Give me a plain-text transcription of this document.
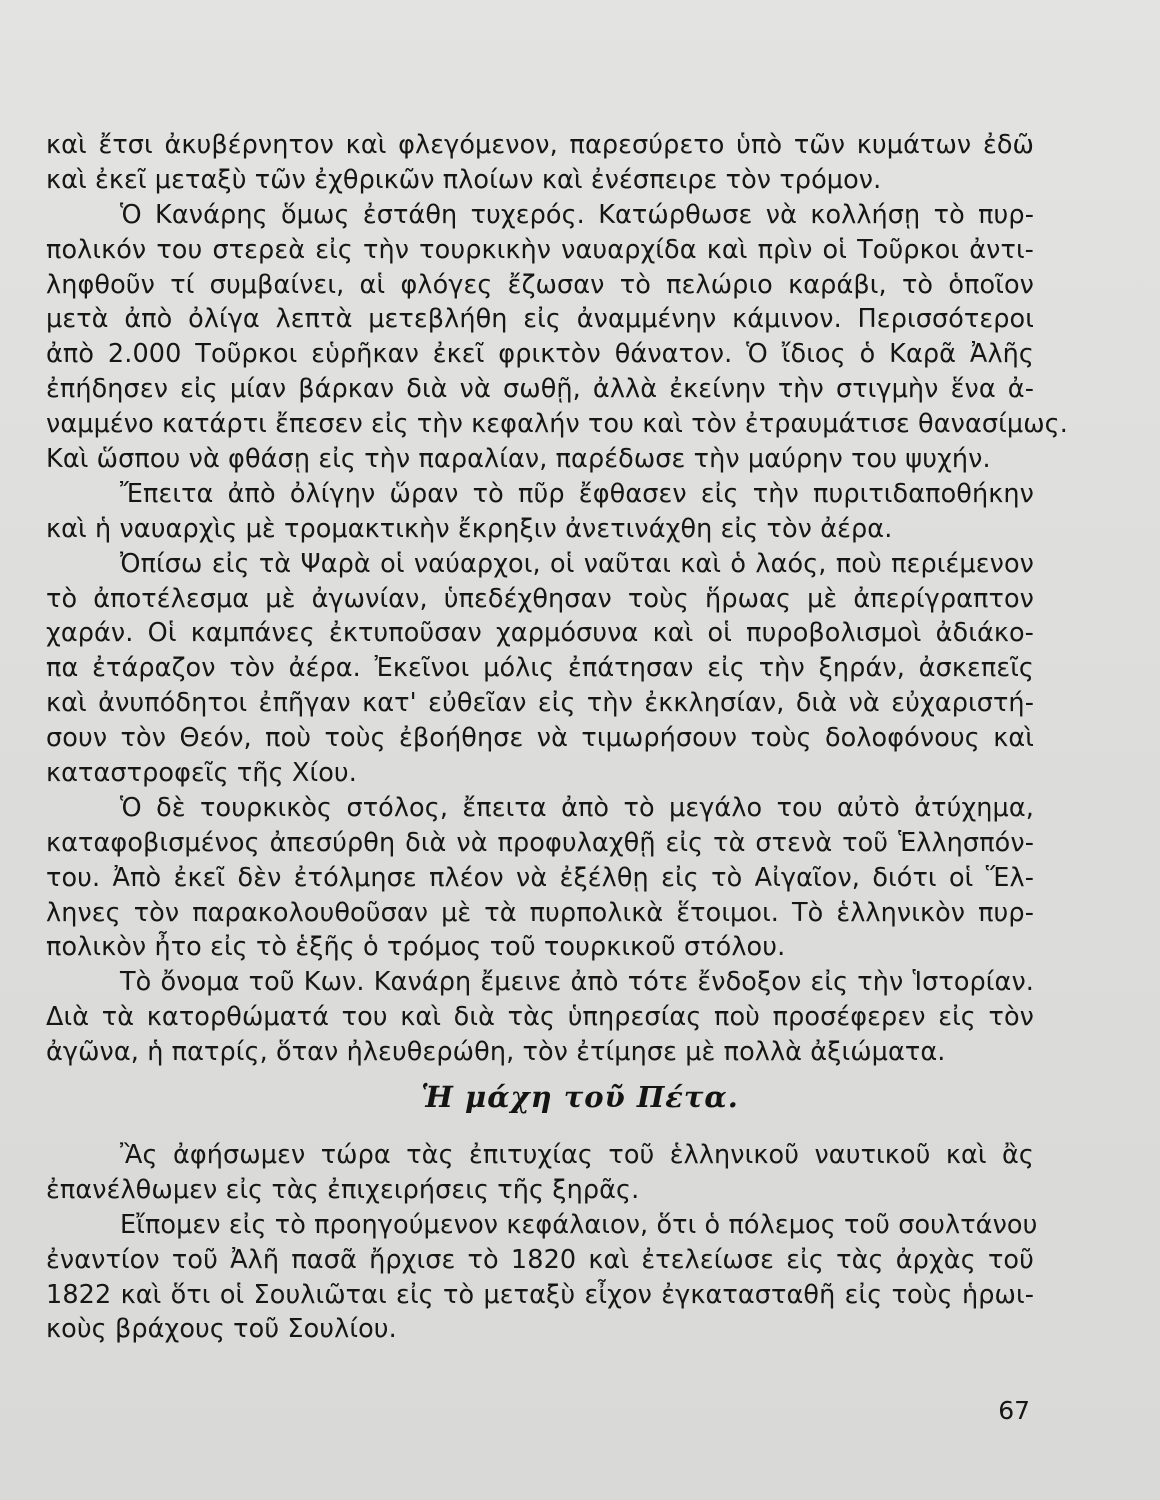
καὶ ἔτσι ἀκυβέρνητον καὶ φλεγόμενον, παρεσύρετο ὑπὸ τῶν κυμάτων ἐδῶ
καὶ ἐκεῖ μεταξὺ τῶν ἐχθρικῶν πλοίων καὶ ἐνέσπειρε τὸν τρόμον.
Ὁ Κανάρης ὅμως ἐστάθη τυχερός. Κατώρθωσε νὰ κολλήσῃ τὸ πυρ-
πολικόν του στερεὰ εἰς τὴν τουρκικὴν ναυαρχίδα καὶ πρὶν οἱ Τοῦρκοι ἀντι-
ληφθοῦν τί συμβαίνει, αἱ φλόγες ἔζωσαν τὸ πελώριο καράβι, τὸ ὁποῖον
μετὰ ἀπὸ ὀλίγα λεπτὰ μετεβλήθη εἰς ἀναμμένην κάμινον. Περισσότεροι
ἀπὸ 2.000 Τοῦρκοι εὑρῆκαν ἐκεῖ φρικτὸν θάνατον. Ὁ ἴδιος ὁ Καρᾶ Ἀλῆς
ἐπήδησεν εἰς μίαν βάρκαν διὰ νὰ σωθῇ, ἀλλὰ ἐκείνην τὴν στιγμὴν ἕνα ἀ-
ναμμένο κατάρτι ἔπεσεν εἰς τὴν κεφαλήν του καὶ τὸν ἐτραυμάτισε θανασίμως.
Καὶ ὥσπου νὰ φθάσῃ εἰς τὴν παραλίαν, παρέδωσε τὴν μαύρην του ψυχήν.
Ἔπειτα ἀπὸ ὀλίγην ὥραν τὸ πῦρ ἔφθασεν εἰς τὴν πυριτιδαποθήκην
καὶ ἡ ναυαρχὶς μὲ τρομακτικὴν ἔκρηξιν ἀνετινάχθη εἰς τὸν ἀέρα.
Ὀπίσω εἰς τὰ Ψαρὰ οἱ ναύαρχοι, οἱ ναῦται καὶ ὁ λαός, ποὺ περιέμενον
τὸ ἀποτέλεσμα μὲ ἀγωνίαν, ὑπεδέχθησαν τοὺς ἥρωας μὲ ἀπερίγραπτον
χαράν. Οἱ καμπάνες ἐκτυποῦσαν χαρμόσυνα καὶ οἱ πυροβολισμοὶ ἀδιάκο-
πα ἐτάραζον τὸν ἀέρα. Ἐκεῖνοι μόλις ἐπάτησαν εἰς τὴν ξηράν, ἀσκεπεῖς
καὶ ἀνυπόδητοι ἐπῆγαν κατ' εὐθεῖαν εἰς τὴν ἐκκλησίαν, διὰ νὰ εὐχαριστή-
σουν τὸν Θεόν, ποὺ τοὺς ἐβοήθησε νὰ τιμωρήσουν τοὺς δολοφόνους καὶ
καταστροφεῖς τῆς Χίου.
Ὁ δὲ τουρκικὸς στόλος, ἔπειτα ἀπὸ τὸ μεγάλο του αὐτὸ ἀτύχημα,
καταφοβισμένος ἀπεσύρθη διὰ νὰ προφυλαχθῇ εἰς τὰ στενὰ τοῦ Ἑλλησπόν-
του. Ἀπὸ ἐκεῖ δὲν ἐτόλμησε πλέον νὰ ἐξέλθῃ εἰς τὸ Αἰγαῖον, διότι οἱ Ἕλ-
ληνες τὸν παρακολουθοῦσαν μὲ τὰ πυρπολικὰ ἕτοιμοι. Τὸ ἑλληνικὸν πυρ-
πολικὸν ἦτο εἰς τὸ ἑξῆς ὁ τρόμος τοῦ τουρκικοῦ στόλου.
Τὸ ὄνομα τοῦ Κων. Κανάρη ἔμεινε ἀπὸ τότε ἔνδοξον εἰς τὴν Ἱστορίαν.
Διὰ τὰ κατορθώματά του καὶ διὰ τὰς ὑπηρεσίας ποὺ προσέφερεν εἰς τὸν
ἀγῶνα, ἡ πατρίς, ὅταν ἠλευθερώθη, τὸν ἐτίμησε μὲ πολλὰ ἀξιώματα.
Ἡ μάχη τοῦ Πέτα.
Ἂς ἀφήσωμεν τώρα τὰς ἐπιτυχίας τοῦ ἑλληνικοῦ ναυτικοῦ καὶ ἂς
ἐπανέλθωμεν εἰς τὰς ἐπιχειρήσεις τῆς ξηρᾶς.
Εἴπομεν εἰς τὸ προηγούμενον κεφάλαιον, ὅτι ὁ πόλεμος τοῦ σουλτάνου
ἐναντίον τοῦ Ἀλῆ πασᾶ ἤρχισε τὸ 1820 καὶ ἐτελείωσε εἰς τὰς ἀρχὰς τοῦ
1822 καὶ ὅτι οἱ Σουλιῶται εἰς τὸ μεταξὺ εἶχον ἐγκατασταθῆ εἰς τοὺς ἡρωι-
κοὺς βράχους τοῦ Σουλίου.
67
